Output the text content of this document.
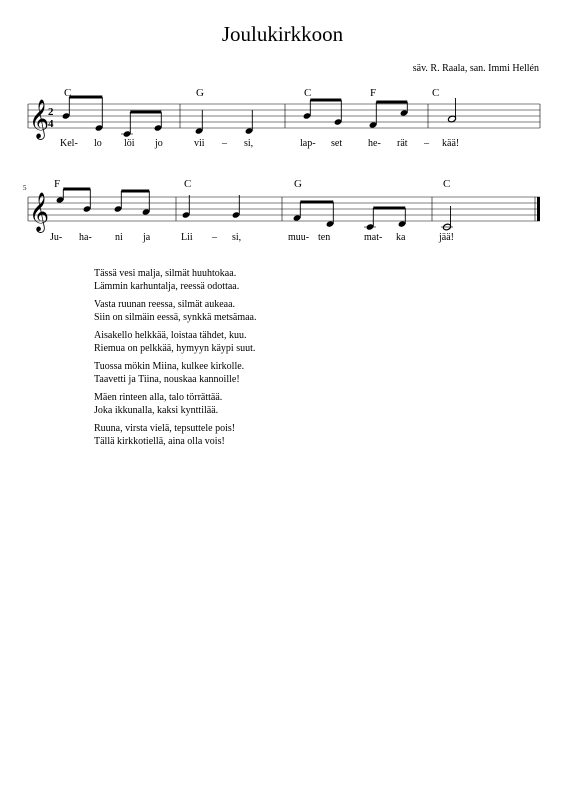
Joulukirkkoon
säv. R. Raala, san. Immi Hellén
𝄞
2
4
C	G	C	F	C
Kel- lo löi jo	vii – si,	lap- set	he- rät – kää!
5
𝄞
F	C	G	C
Ju- ha- ni ja	Lii – si,	muu- ten	mat- ka	jää!
Tässä vesi malja, silmät huuhtokaa.
Lämmin karhuntalja, reessä odottaa.
Vasta ruunan reessa, silmät aukeaa.
Siin on silmäin eessä, synkkä metsämaa.
Aisakello helkkää, loistaa tähdet, kuu.
Riemua on pelkkää, hymyyn käypi suut.
Tuossa mökin Miina, kulkee kirkolle.
Taavetti ja Tiina, nouskaa kannoille!
Mäen rinteen alla, talo törrättää.
Joka ikkunalla, kaksi kynttilää.
Ruuna, virsta vielä, tepsuttele pois!
Tällä kirkkotiellä, aina olla vois!
